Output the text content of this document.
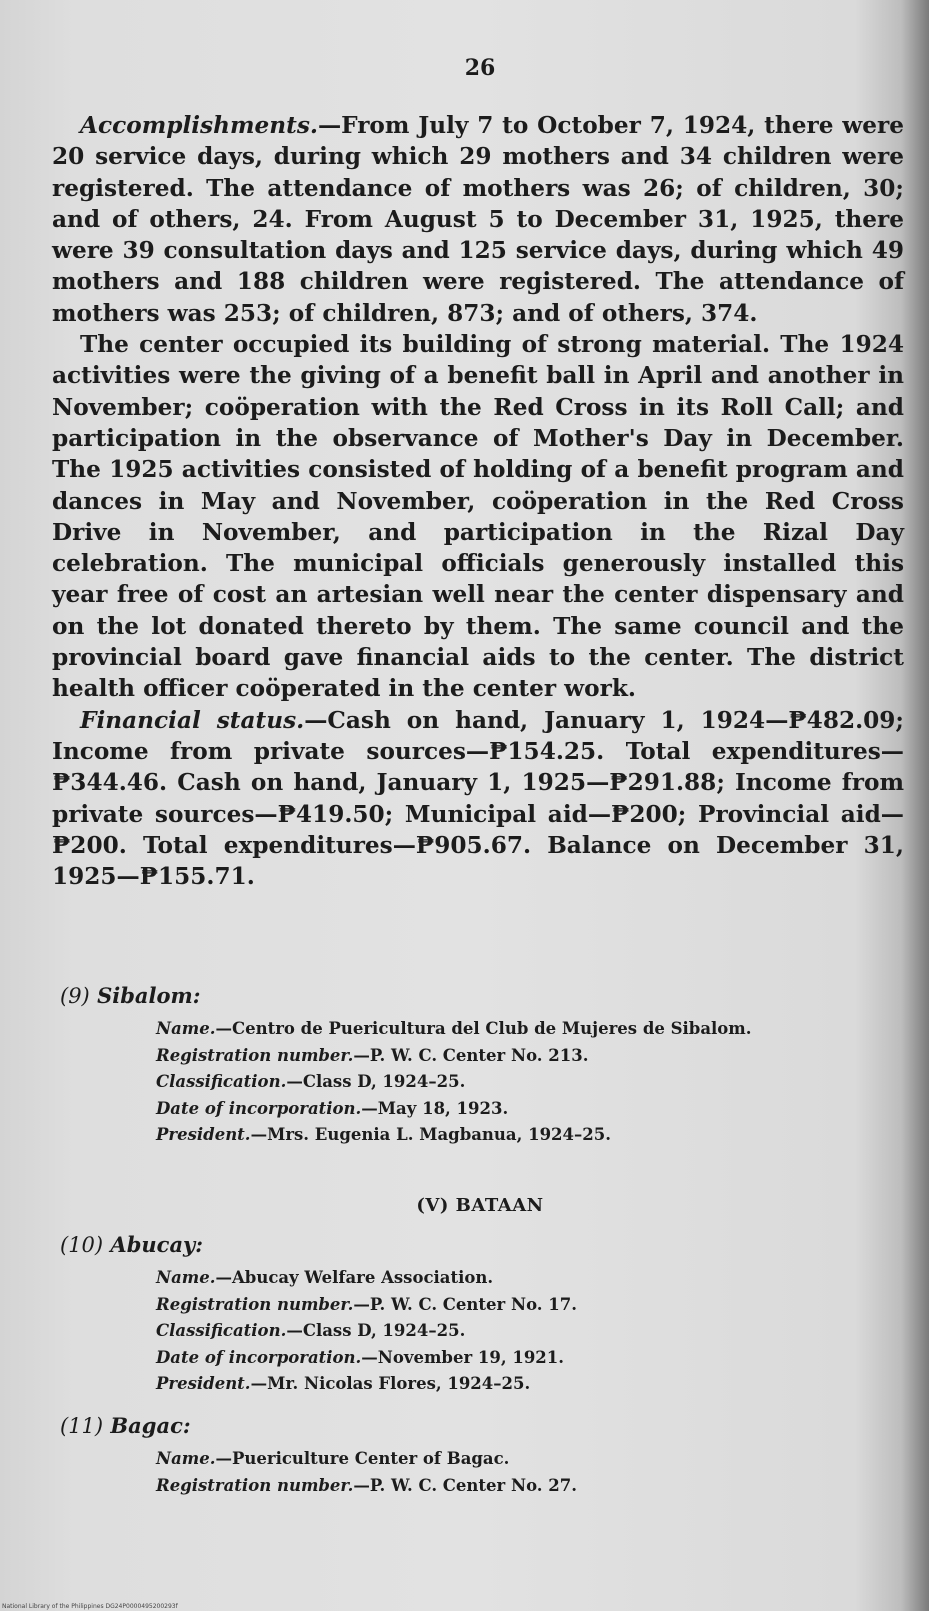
26

Accomplishments.—From July 7 to October 7, 1924, there were 20 service days, during which 29 mothers and 34 children were registered. The attendance of mothers was 26; of children, 30; and of others, 24. From August 5 to December 31, 1925, there were 39 consultation days and 125 service days, during which 49 mothers and 188 children were registered. The attendance of mothers was 253; of children, 873; and of others, 374.

The center occupied its building of strong material. The 1924 activities were the giving of a benefit ball in April and another in November; coöperation with the Red Cross in its Roll Call; and participation in the observance of Mother's Day in December. The 1925 activities consisted of holding of a benefit program and dances in May and November, coöperation in the Red Cross Drive in November, and participation in the Rizal Day celebration. The municipal officials generously installed this year free of cost an artesian well near the center dispensary and on the lot donated thereto by them. The same council and the provincial board gave financial aids to the center. The district health officer coöperated in the center work.

Financial status.—Cash on hand, January 1, 1924—₱482.09; Income from private sources—₱154.25. Total expenditures—₱344.46. Cash on hand, January 1, 1925—₱291.88; Income from private sources—₱419.50; Municipal aid—₱200; Provincial aid—₱200. Total expenditures—₱905.67. Balance on December 31, 1925—₱155.71.

(9) Sibalom:
Name.—Centro de Puericultura del Club de Mujeres de Sibalom.
Registration number.—P. W. C. Center No. 213.
Classification.—Class D, 1924–25.
Date of incorporation.—May 18, 1923.
President.—Mrs. Eugenia L. Magbanua, 1924–25.
(V) BATAAN
(10) Abucay:
Name.—Abucay Welfare Association.
Registration number.—P. W. C. Center No. 17.
Classification.—Class D, 1924–25.
Date of incorporation.—November 19, 1921.
President.—Mr. Nicolas Flores, 1924–25.
(11) Bagac:
Name.—Puericulture Center of Bagac.
Registration number.—P. W. C. Center No. 27.
National Library of the Philippines DG24P0000495200293f
